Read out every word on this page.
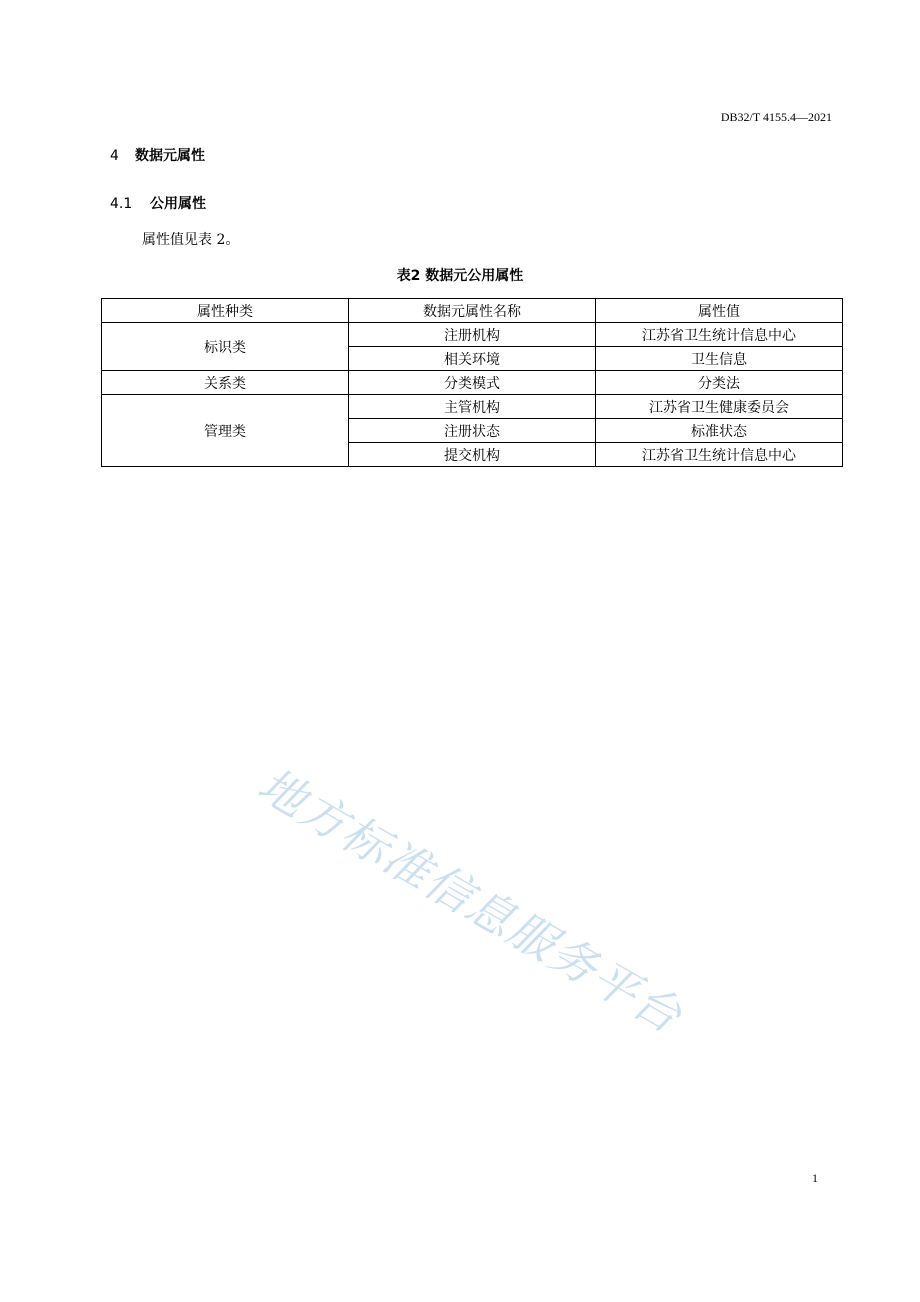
DB32/T 4155.4—2021
4 数据元属性
4.1 公用属性
属性值见表 2。
表2 数据元公用属性
属性种类	数据元属性名称	属性值
标识类	注册机构	江苏省卫生统计信息中心
	相关环境	卫生信息
关系类	分类模式	分类法
管理类	主管机构	江苏省卫生健康委员会
	注册状态	标准状态
	提交机构	江苏省卫生统计信息中心
地方标准信息服务平台
1
